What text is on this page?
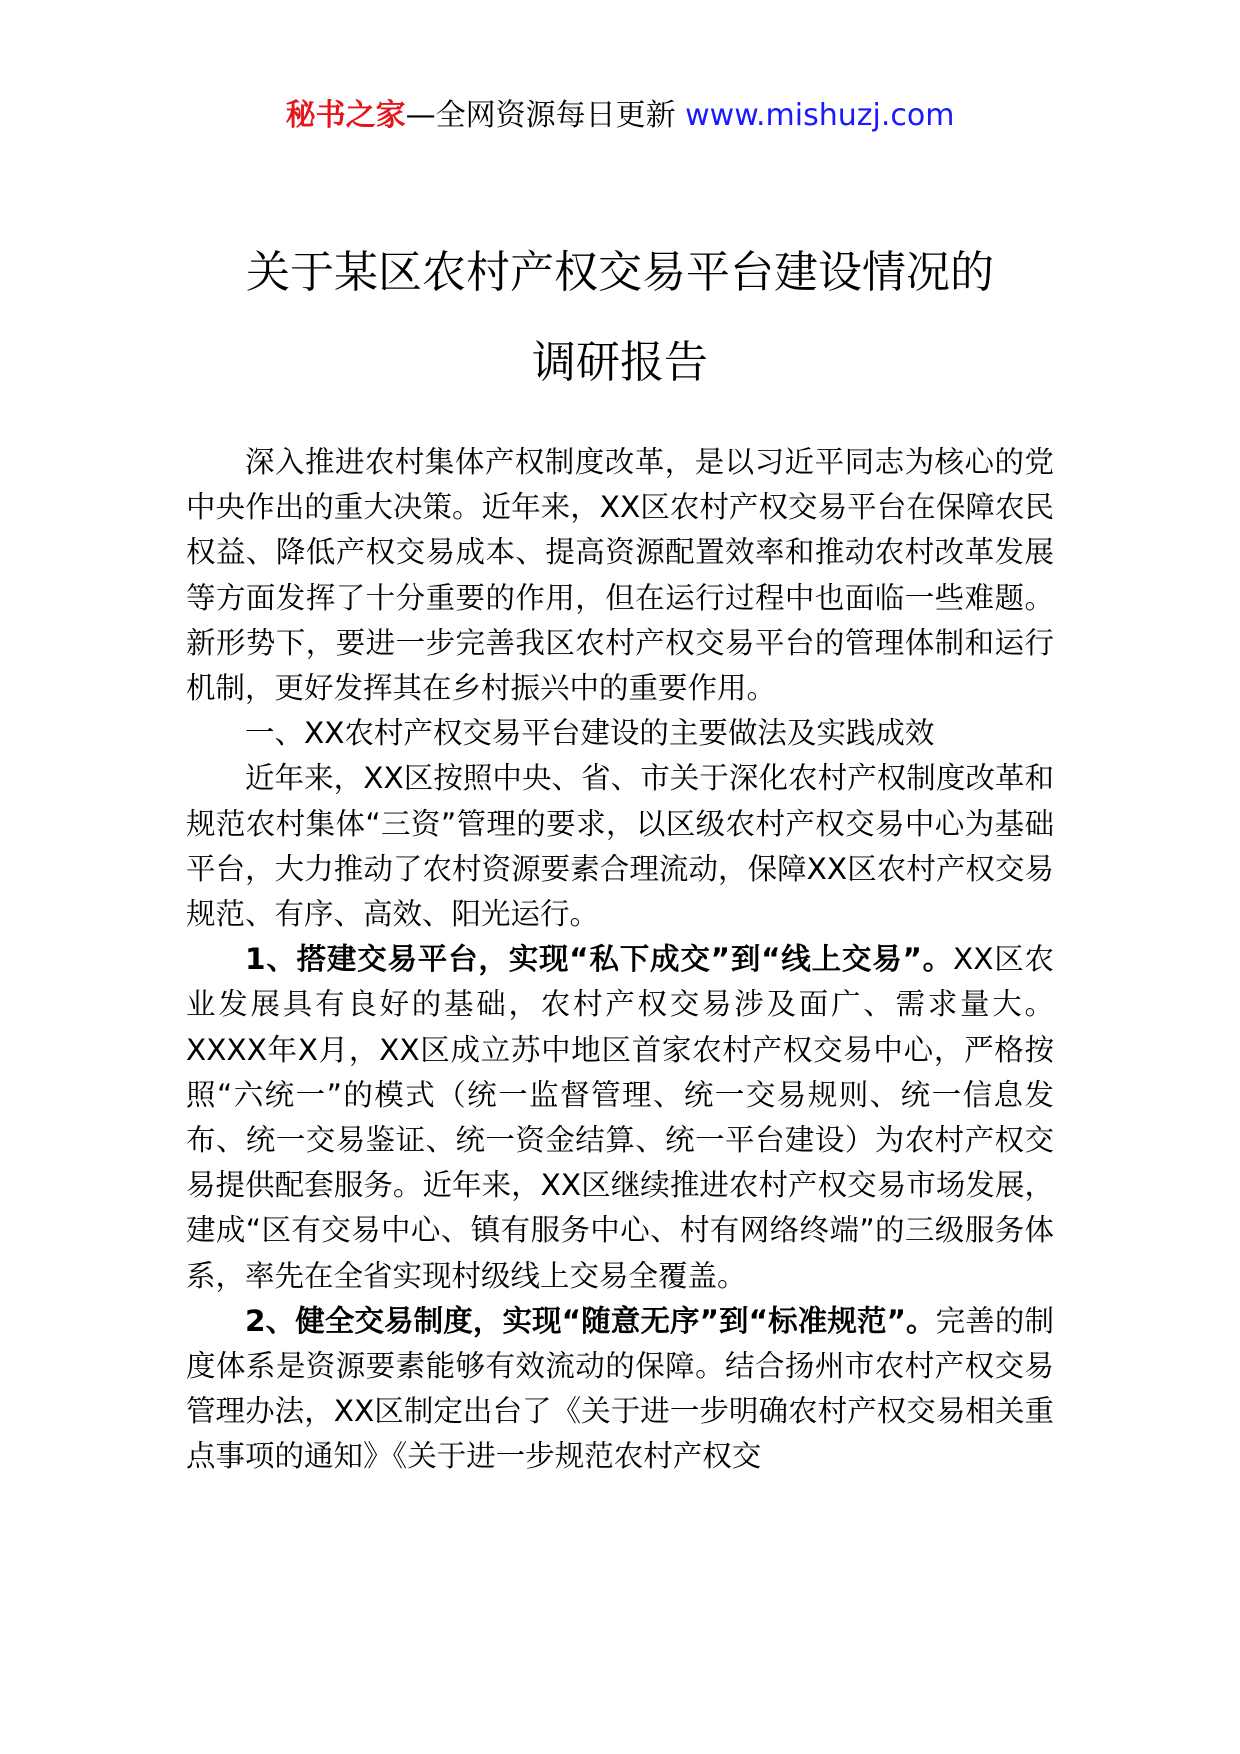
秘书之家—全网资源每日更新 www.mishuzj.com
关于某区农村产权交易平台建设情况的
调研报告

深入推进农村集体产权制度改革，是以习近平同志为核心的党中央作出的重大决策。近年来，XX区农村产权交易平台在保障农民权益、降低产权交易成本、提高资源配置效率和推动农村改革发展等方面发挥了十分重要的作用，但在运行过程中也面临一些难题。新形势下，要进一步完善我区农村产权交易平台的管理体制和运行机制，更好发挥其在乡村振兴中的重要作用。

一、XX农村产权交易平台建设的主要做法及实践成效

近年来，XX区按照中央、省、市关于深化农村产权制度改革和规范农村集体“三资”管理的要求，以区级农村产权交易中心为基础平台，大力推动了农村资源要素合理流动，保障XX区农村产权交易规范、有序、高效、阳光运行。

1、搭建交易平台，实现“私下成交”到“线上交易”。XX区农业发展具有良好的基础，农村产权交易涉及面广、需求量大。XXXX年X月，XX区成立苏中地区首家农村产权交易中心，严格按照“六统一”的模式（统一监督管理、统一交易规则、统一信息发布、统一交易鉴证、统一资金结算、统一平台建设）为农村产权交易提供配套服务。近年来，XX区继续推进农村产权交易市场发展，建成“区有交易中心、镇有服务中心、村有网络终端”的三级服务体系，率先在全省实现村级线上交易全覆盖。

2、健全交易制度，实现“随意无序”到“标准规范”。完善的制度体系是资源要素能够有效流动的保障。结合扬州市农村产权交易管理办法，XX区制定出台了《关于进一步明确农村产权交易相关重点事项的通知》《关于进一步规范农村产权交
